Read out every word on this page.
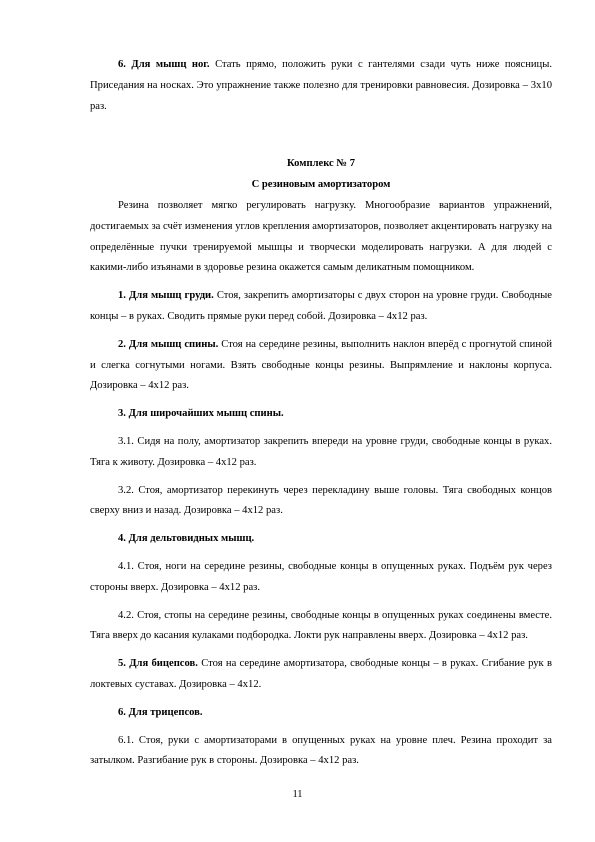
6. Для мышц ног. Стать прямо, положить руки с гантелями сзади чуть ниже поясницы. Приседания на носках. Это упражнение также полезно для тренировки равновесия. Дозировка – 3х10 раз.

Комплекс № 7

С резиновым амортизатором

Резина позволяет мягко регулировать нагрузку. Многообразие вариантов упражнений, достигаемых за счёт изменения углов крепления амортизаторов, позволяет акцентировать нагрузку на определённые пучки тренируемой мышцы и творчески моделировать нагрузки. А для людей с какими-либо изъянами в здоровье резина окажется самым деликатным помощником.

1. Для мышц груди. Стоя, закрепить амортизаторы с двух сторон на уровне груди. Свободные концы – в руках. Сводить прямые руки перед собой. Дозировка – 4х12 раз.

2. Для мышц спины. Стоя на середине резины, выполнить наклон вперёд с прогнутой спиной и слегка согнутыми ногами. Взять свободные концы резины. Выпрямление и наклоны корпуса. Дозировка – 4х12 раз.

3. Для широчайших мышц спины.

3.1. Сидя на полу, амортизатор закрепить впереди на уровне груди, свободные концы в руках. Тяга к животу. Дозировка – 4х12 раз.

3.2. Стоя, амортизатор перекинуть через перекладину выше головы. Тяга свободных концов сверху вниз и назад. Дозировка – 4х12 раз.

4. Для дельтовидных мышц.

4.1. Стоя, ноги на середине резины, свободные концы в опущенных руках. Подъём рук через стороны вверх. Дозировка – 4х12 раз.

4.2. Стоя, стопы на середине резины, свободные концы в опущенных руках соединены вместе. Тяга вверх до касания кулаками подбородка. Локти рук направлены вверх. Дозировка – 4х12 раз.

5. Для бицепсов. Стоя на середине амортизатора, свободные концы – в руках. Сгибание рук в локтевых суставах. Дозировка – 4х12.

6. Для трицепсов.

6.1. Стоя, руки с амортизаторами в опущенных руках на уровне плеч. Резина проходит за затылком. Разгибание рук в стороны. Дозировка – 4х12 раз.

11
